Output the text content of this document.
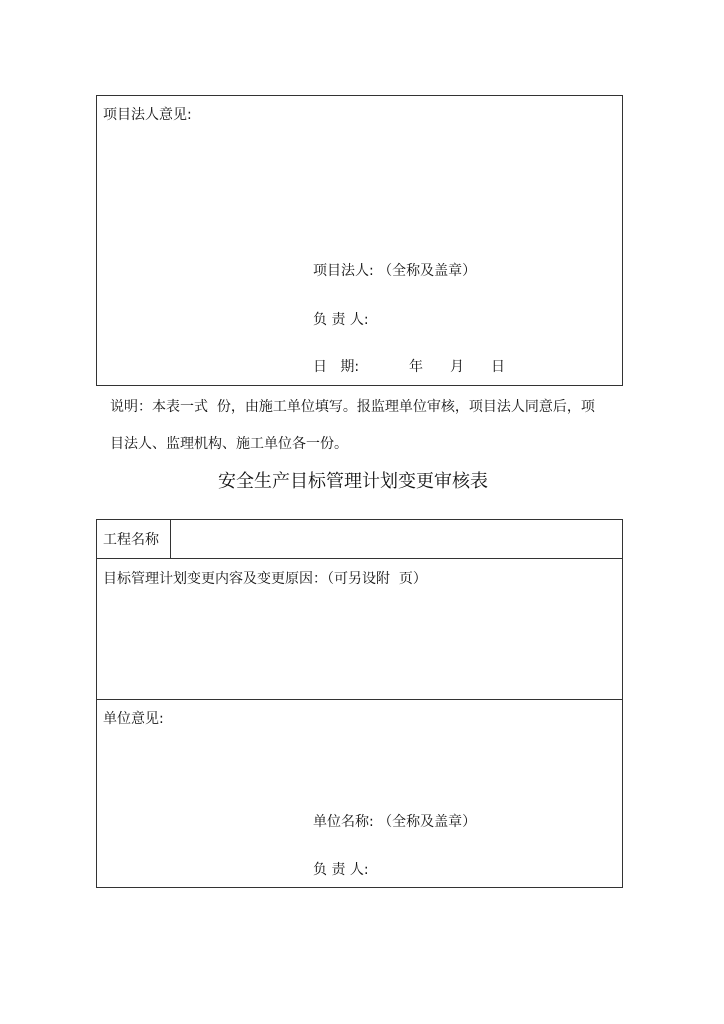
项目法人意见:
项目法人: （全称及盖章）
负 责 人:
日   期:	年 月 日
说明：本表一式  份，由施工单位填写。报监理单位审核，项目法人同意后，项
目法人、监理机构、施工单位各一份。
安全生产目标管理计划变更审核表
工程名称
目标管理计划变更内容及变更原因：（可另设附  页）
单位意见:
单位名称: （全称及盖章）
负 责 人:
